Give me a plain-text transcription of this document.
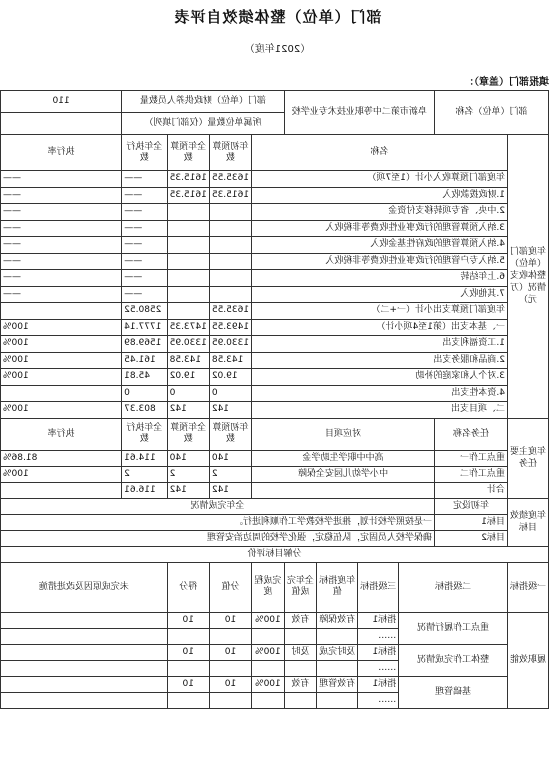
部门（单位）整体绩效自评表
（2021年度）
填报部门（盖章）：
部门（单位）名称		阜新市第二中等职业技术专业学校				部门（单位）财政供养人员数量				110
						所属单位数量（仅部门填列）				
年度部门（单位）整体收支情况（万元）	名称						年初预算数	全年预算数	全年执行数	执行率
	年度部门预算收入小计（1至7项）						1635.55	1615.35	——	——
	1.财政拨款收入						1615.35	1615.35	——	——
	2.中央、省专项转移支付资金								——	——
	3.纳入预算管理的行政事业性收费等非税收入								——	——
	4.纳入预算管理的政府性基金收入								——	——
	5.纳入专户管理的行政事业性收费等非税收入								——	——
	6.上年结转								——	——
	7.其他收入								——	——
	年度部门预算支出小计（一+二）						1635.55		2580.52	
	一、基本支出（第1至4项小计）						1493.55	1473.35	1777.14	100%
	1.工资福利支出						1330.95	1330.95	1569.89	100%
	2.商品和服务支出						143.58	143.58	161.45	100%
	3.对个人和家庭的补助						19.02	19.02	45.81	100%
	4.资本性支出						0	0	0	
	二、项目支出						142	142	803.37	100%
年度主要任务	任务名称	对应项目					年初预算数	全年预算数	全年执行数	执行率
	重点工作一	高中中职学生助学金					140	140	114.61	81.86%
	重点工作二	中小学幼儿园安全保障					2	2	2	100%
	合计						142	142	116.61	
年度绩效目标	年初设定	全年完成情况								
	目标1	一是按照学校计划，推进学校教学工作顺利进行。								
	目标2	确保学校人员固定，队伍稳定，强化学校的周边治安管理								
分解目标评价										
一级指标	二级指标		三级指标	年度指标值	全年完成值	完成程度	分值	得分	未完成原因及改进措施	
履职效能	重点工作履行情况		指标1	有效保障	有效	100%	10	10		
			……							
	整体工作完成情况		指标1	及时完成	及时	100%	10	10		
			……							
	基础管理		指标1	有效管理	有效	100%	10	10		
			……							
